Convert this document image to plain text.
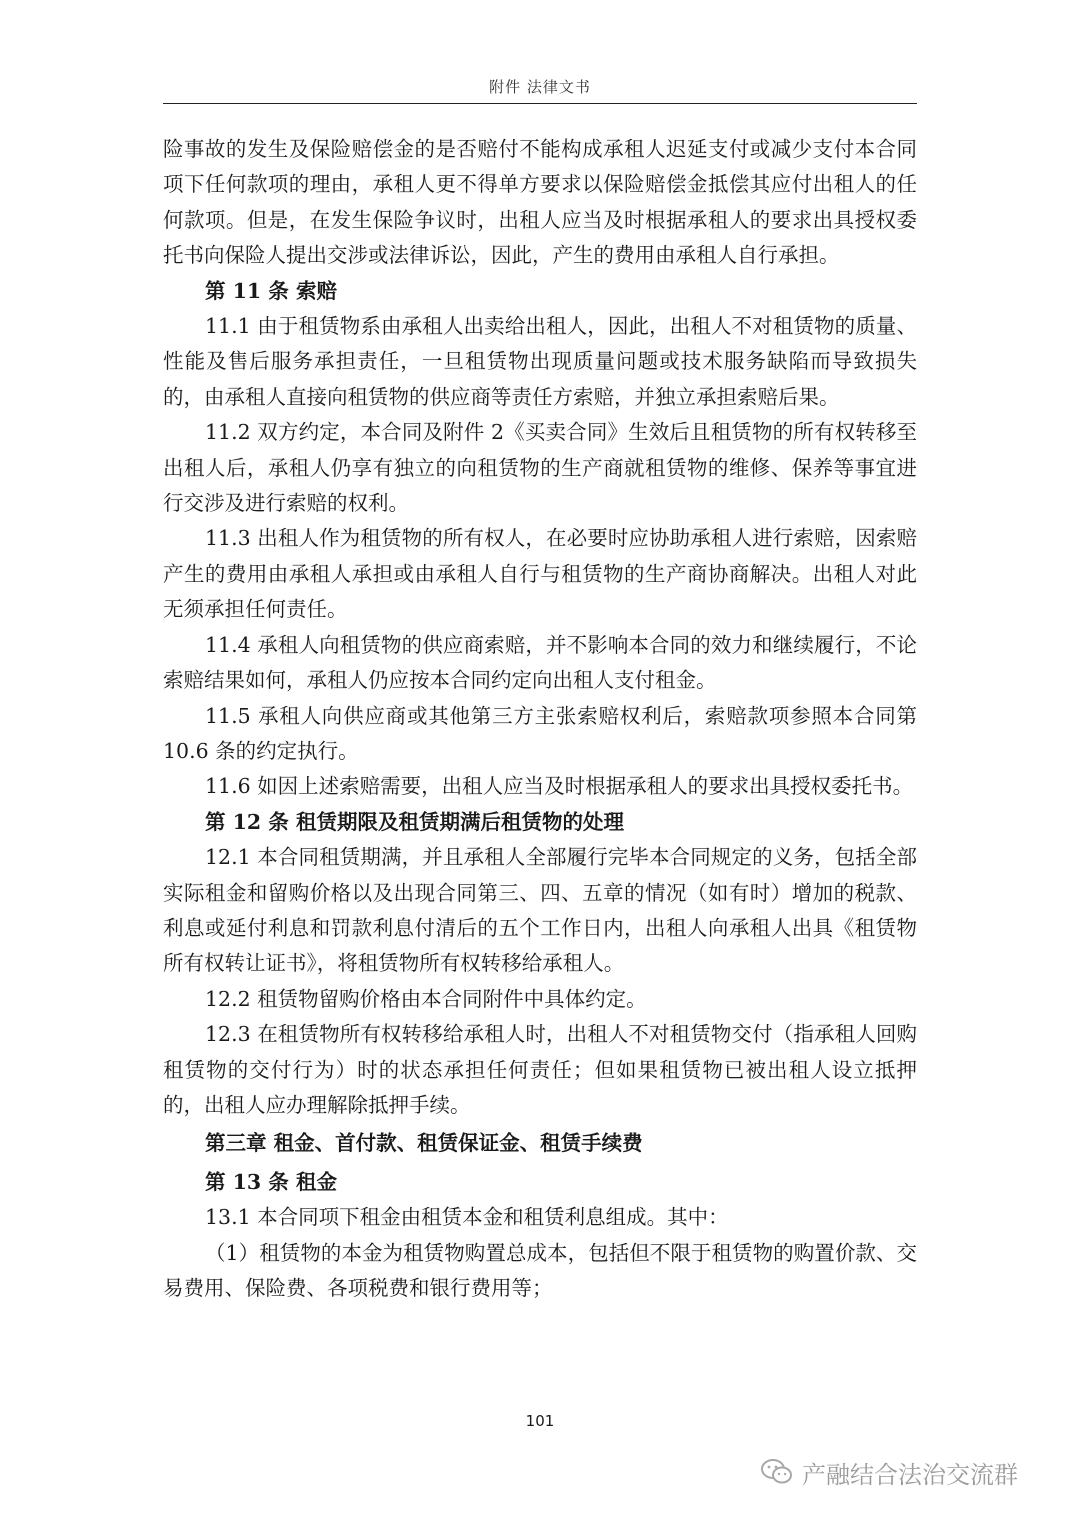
附件 法律文书

险事故的发生及保险赔偿金的是否赔付不能构成承租人迟延支付或减少支付本合同项下任何款项的理由，承租人更不得单方要求以保险赔偿金抵偿其应付出租人的任何款项。但是，在发生保险争议时，出租人应当及时根据承租人的要求出具授权委托书向保险人提出交涉或法律诉讼，因此，产生的费用由承租人自行承担。

第 11 条 索赔

11.1 由于租赁物系由承租人出卖给出租人，因此，出租人不对租赁物的质量、性能及售后服务承担责任，一旦租赁物出现质量问题或技术服务缺陷而导致损失的，由承租人直接向租赁物的供应商等责任方索赔，并独立承担索赔后果。

11.2 双方约定，本合同及附件 2《买卖合同》生效后且租赁物的所有权转移至出租人后，承租人仍享有独立的向租赁物的生产商就租赁物的维修、保养等事宜进行交涉及进行索赔的权利。

11.3 出租人作为租赁物的所有权人，在必要时应协助承租人进行索赔，因索赔产生的费用由承租人承担或由承租人自行与租赁物的生产商协商解决。出租人对此无须承担任何责任。

11.4 承租人向租赁物的供应商索赔，并不影响本合同的效力和继续履行，不论索赔结果如何，承租人仍应按本合同约定向出租人支付租金。

11.5 承租人向供应商或其他第三方主张索赔权利后，索赔款项参照本合同第 10.6 条的约定执行。

11.6 如因上述索赔需要，出租人应当及时根据承租人的要求出具授权委托书。

第 12 条 租赁期限及租赁期满后租赁物的处理

12.1 本合同租赁期满，并且承租人全部履行完毕本合同规定的义务，包括全部实际租金和留购价格以及出现合同第三、四、五章的情况（如有时）增加的税款、利息或延付利息和罚款利息付清后的五个工作日内，出租人向承租人出具《租赁物所有权转让证书》，将租赁物所有权转移给承租人。

12.2 租赁物留购价格由本合同附件中具体约定。

12.3 在租赁物所有权转移给承租人时，出租人不对租赁物交付（指承租人回购租赁物的交付行为）时的状态承担任何责任；但如果租赁物已被出租人设立抵押的，出租人应办理解除抵押手续。

第三章 租金、首付款、租赁保证金、租赁手续费

第 13 条 租金

13.1 本合同项下租金由租赁本金和租赁利息组成。其中：

（1）租赁物的本金为租赁物购置总成本，包括但不限于租赁物的购置价款、交易费用、保险费、各项税费和银行费用等；

101
产融结合法治交流群
